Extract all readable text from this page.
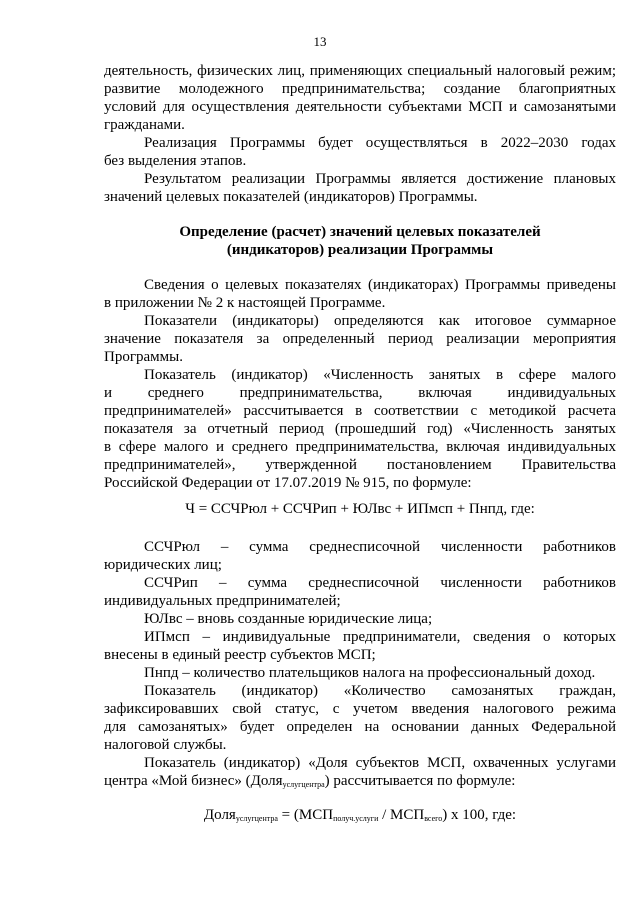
13
деятельность, физических лиц, применяющих специальный налоговый режим;
развитие молодежного предпринимательства; создание благоприятных
условий для осуществления деятельности субъектами МСП и самозанятыми
гражданами.
Реализация Программы будет осуществляться в 2022–2030 годах
без выделения этапов.
Результатом реализации Программы является достижение плановых
значений целевых показателей (индикаторов) Программы.
Определение (расчет) значений целевых показателей
(индикаторов) реализации Программы
Сведения о целевых показателях (индикаторах) Программы приведены
в приложении № 2 к настоящей Программе.
Показатели (индикаторы) определяются как итоговое суммарное
значение показателя за определенный период реализации мероприятия
Программы.
Показатель (индикатор) «Численность занятых в сфере малого
и среднего предпринимательства, включая индивидуальных
предпринимателей» рассчитывается в соответствии с методикой расчета
показателя за отчетный период (прошедший год) «Численность занятых
в сфере малого и среднего предпринимательства, включая индивидуальных
предпринимателей», утвержденной постановлением Правительства
Российской Федерации от 17.07.2019 № 915, по формуле:
Ч = ССЧРюл + ССЧРип + ЮЛвс + ИПмсп + Пнпд, где:
ССЧРюл – сумма среднесписочной численности работников
юридических лиц;
ССЧРип – сумма среднесписочной численности работников
индивидуальных предпринимателей;
ЮЛвс – вновь созданные юридические лица;
ИПмсп – индивидуальные предприниматели, сведения о которых
внесены в единый реестр субъектов МСП;
Пнпд – количество плательщиков налога на профессиональный доход.
Показатель (индикатор) «Количество самозанятых граждан,
зафиксировавших свой статус, с учетом введения налогового режима
для самозанятых» будет определен на основании данных Федеральной
налоговой службы.
Показатель (индикатор) «Доля субъектов МСП, охваченных услугами
центра «Мой бизнес» (Доля$_{услугцентра}$) рассчитывается по формуле:
Доля$_{услугцентра}$ = $(МСП_{получ.услуги} / МСП_{всего})$ х 100, где:
